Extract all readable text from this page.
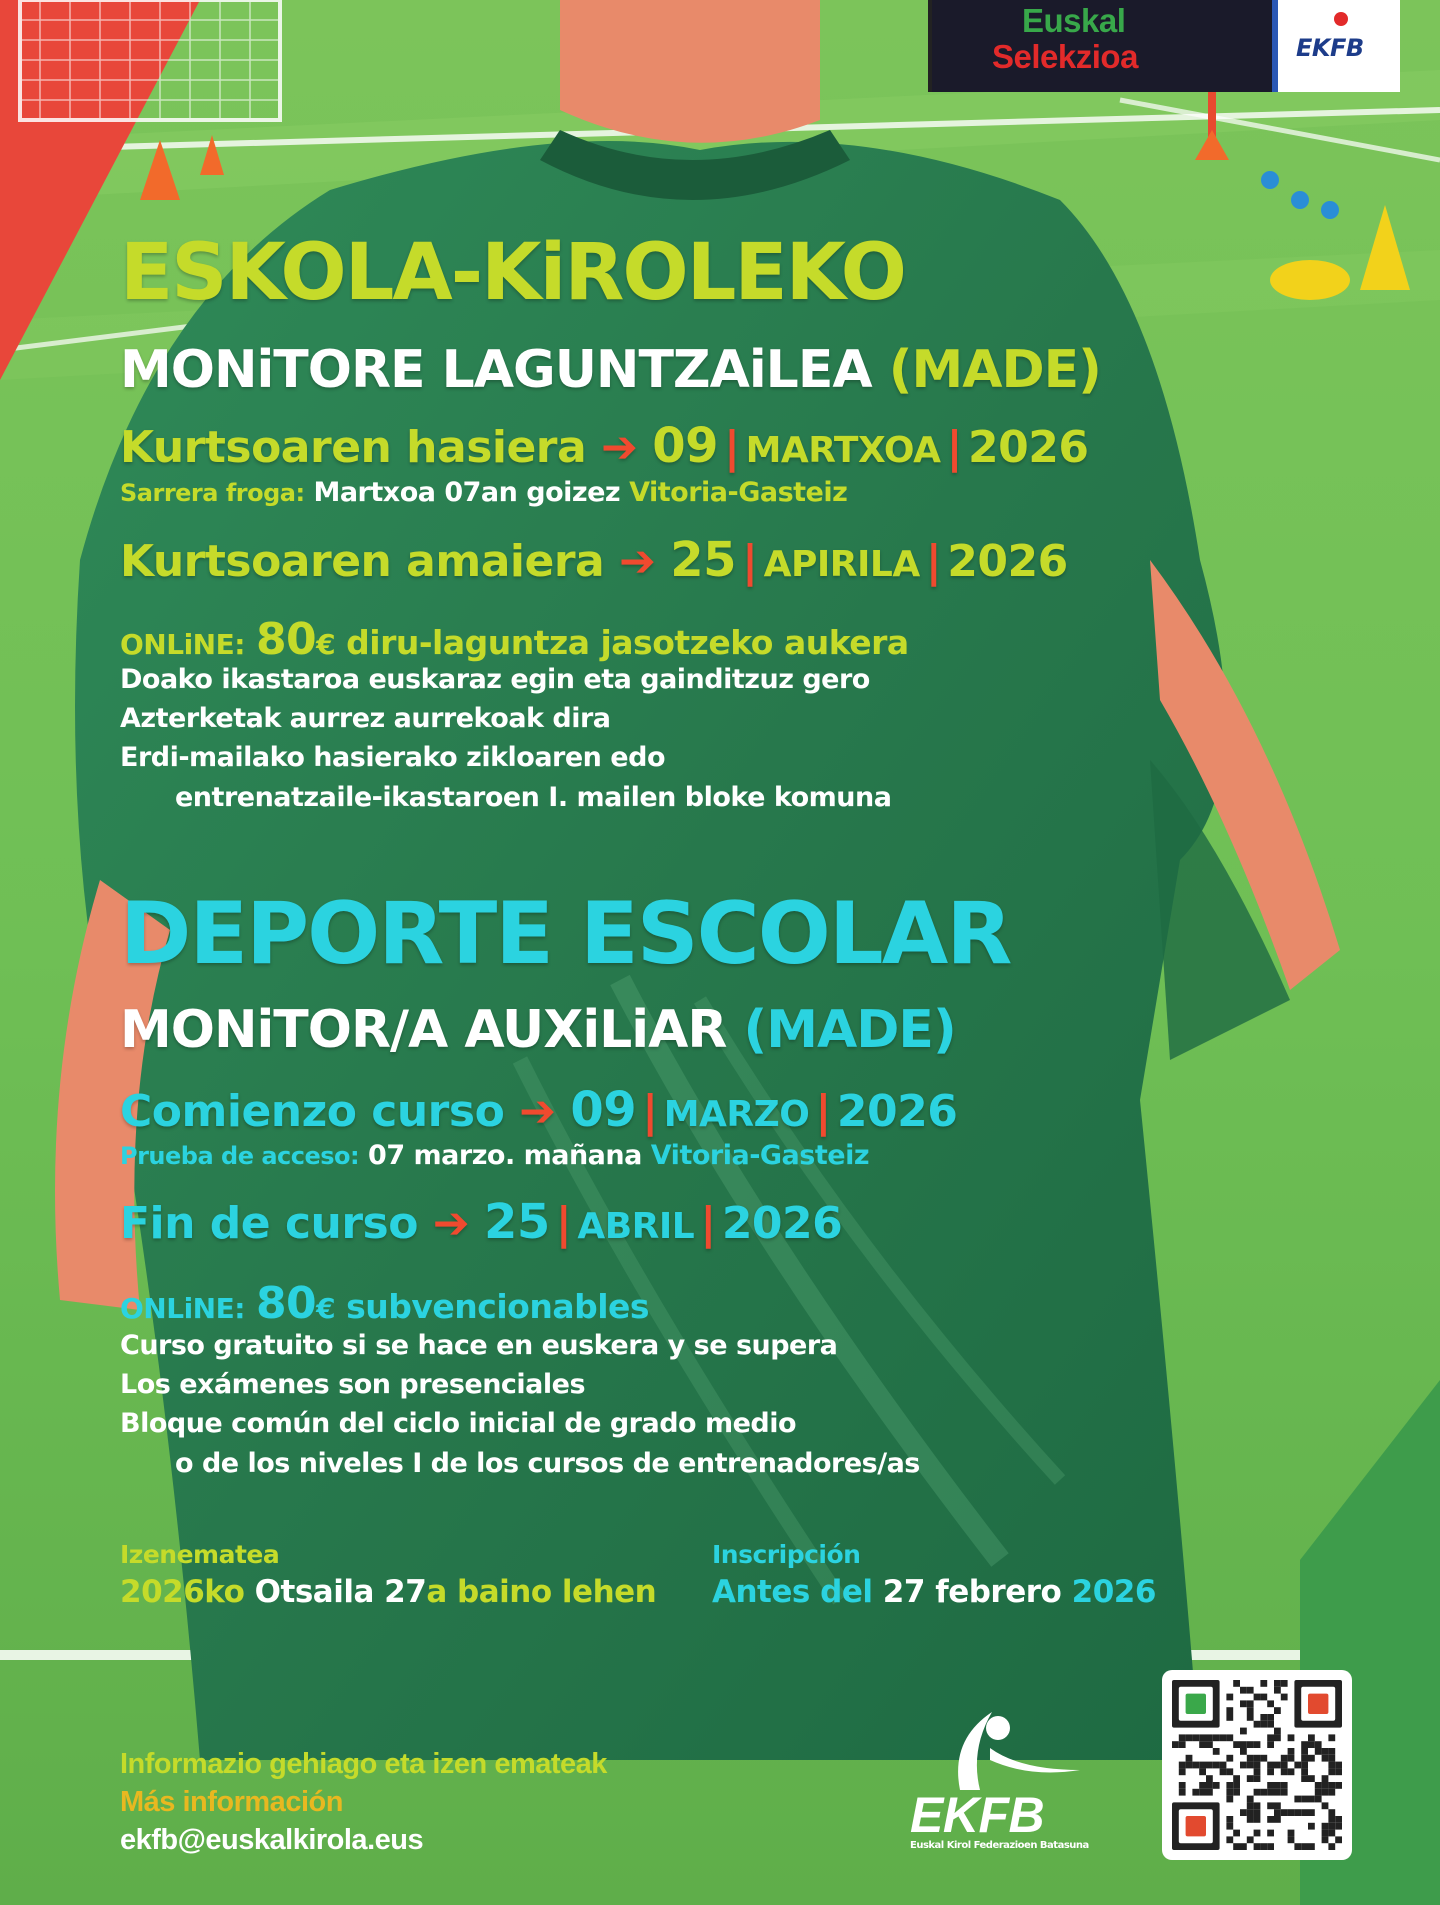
Euskal
Selekzioa	EKFB
ESKOLA-KiROLEKO
MONiTORE LAGUNTZAiLEA (MADE)
Kurtsoaren hasiera ➔ 09 | MARTXOA | 2026
Sarrera froga: Martxoa 07an goizez Vitoria-Gasteiz
Kurtsoaren amaiera ➔ 25 | APIRILA | 2026
ONLiNE: 80€ diru-laguntza jasotzeko aukera
Doako ikastaroa euskaraz egin eta gainditzuz gero
Azterketak aurrez aurrekoak dira
Erdi-mailako hasierako zikloaren edo
entrenatzaile-ikastaroen I. mailen bloke komuna
DEPORTE ESCOLAR
MONiTOR/A AUXiLiAR (MADE)
Comienzo curso ➔ 09 | MARZO | 2026
Prueba de acceso: 07 marzo. mañana Vitoria-Gasteiz
Fin de curso ➔ 25 | ABRIL | 2026
ONLiNE: 80€ subvencionables
Curso gratuito si se hace en euskera y se supera
Los exámenes son presenciales
Bloque común del ciclo inicial de grado medio
o de los niveles I de los cursos de entrenadores/as
Izenematea
2026ko Otsaila 27a baino lehen
Inscripción
Antes del 27 febrero 2026
Informazio gehiago eta izen emateak
Más información
ekfb@euskalkirola.eus	EKFB
Euskal Kirol Federazioen Batasuna
